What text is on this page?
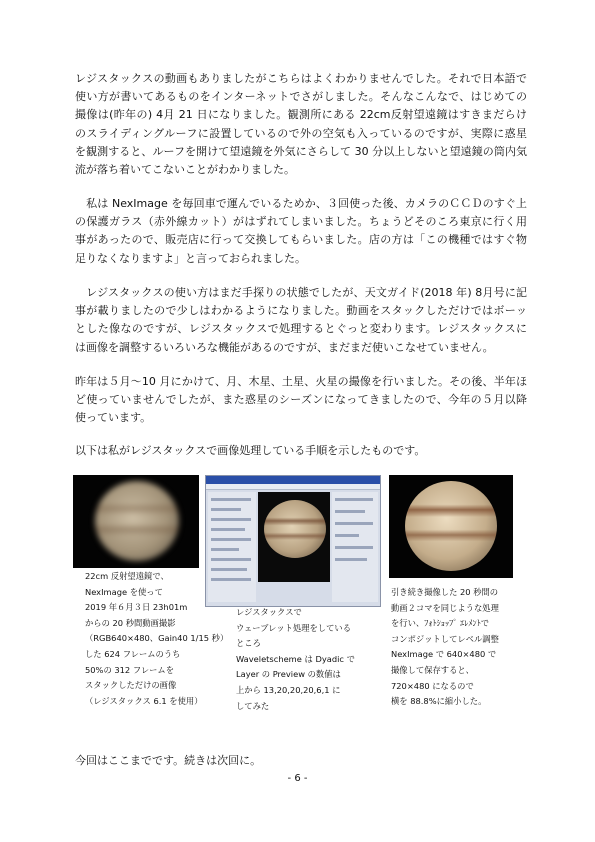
レジスタックスの動画もありましたがこちらはよくわかりませんでした。それで日本語で
使い方が書いてあるものをインターネットでさがしました。そんなこんなで、はじめての
撮像は(昨年の) 4月 21 日になりました。観測所にある 22cm反射望遠鏡はすきまだらけ
のスライディングルーフに設置しているので外の空気も入っているのですが、実際に惑星
を観測すると、ルーフを開けて望遠鏡を外気にさらして 30 分以上しないと望遠鏡の筒内気
流が落ち着いてこないことがわかりました。
　私は NexImage を毎回車で運んでいるためか、３回使った後、カメラのＣＣＤのすぐ上
の保護ガラス（赤外線カット）がはずれてしまいました。ちょうどそのころ東京に行く用
事があったので、販売店に行って交換してもらいました。店の方は「この機種ではすぐ物
足りなくなりますよ」と言っておられました。
　レジスタックスの使い方はまだ手探りの状態でしたが、天文ガイド(2018 年) 8月号に記
事が載りましたので少しはわかるようになりました。動画をスタックしただけではボーッ
とした像なのですが、レジスタックスで処理するとぐっと変わります。レジスタックスに
は画像を調整するいろいろな機能があるのですが、まだまだ使いこなせていません。
昨年は５月～10 月にかけて、月、木星、土星、火星の撮像を行いました。その後、半年ほ
ど使っていませんでしたが、また惑星のシーズンになってきましたので、今年の５月以降
使っています。
以下は私がレジスタックスで画像処理している手順を示したものです。
22cm 反射望遠鏡で、
NexImage を使って
2019 年６月３日 23h01m
からの 20 秒間動画撮影
（RGB640×480、Gain40 1/15 秒）
した 624 フレームのうち
50%の 312 フレームを
スタックしただけの画像
（レジスタックス 6.1 を使用）
レジスタックスで
ウェーブレット処理をしている
ところ
Waveletscheme は Dyadic で
Layer の Preview の数値は
上から 13,20,20,20,6,1 に
してみた
引き続き撮像した 20 秒間の
動画２コマを同じような処理
を行い、ﾌｫﾄｼｮｯﾌﾟ ｴﾚﾒﾝﾄで
コンポジットしてレベル調整
NexImage で 640×480 で
撮像して保存すると、
720×480 になるので
横を 88.8%に縮小した。
今回はここまでです。続きは次回に。
- 6 -
